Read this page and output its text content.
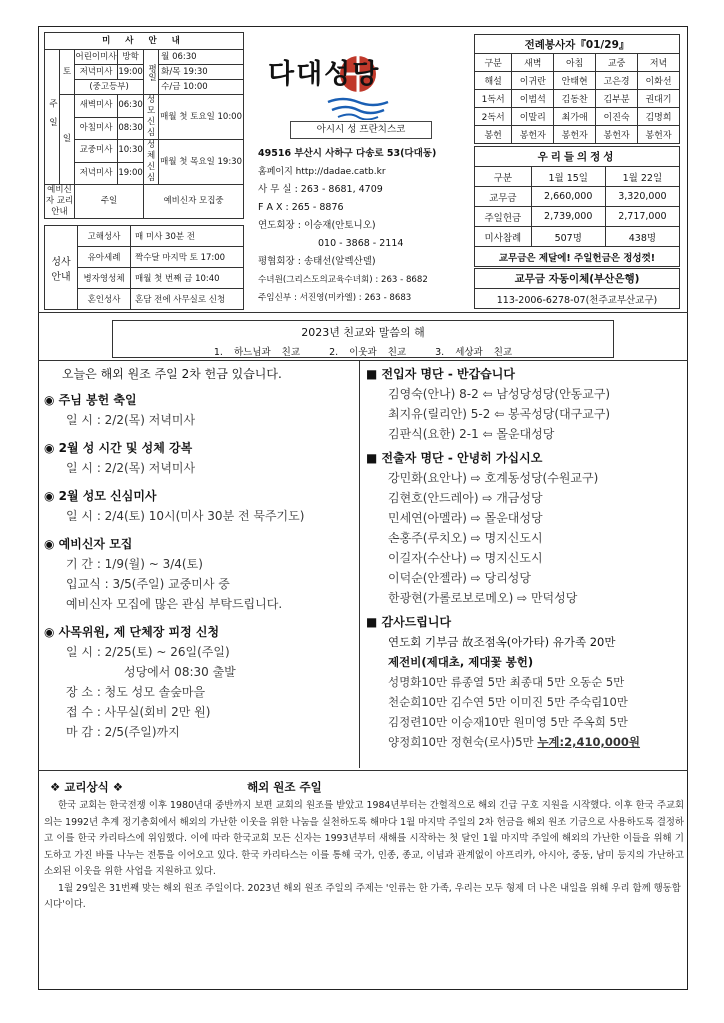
미 사 안 내					
주일	토	어린이미사	방학	평일	월 06:30
		저녁미사	19:00		화/목 19:30
		(중고등부)			수/금 10:00
	일	새벽미사	06:30	성모신심	매월 첫 토요일 10:00
		아침미사	08:30		
		교중미사	10:30	성체신심	매월 첫 목요일 19:30
		저녁미사	19:00		
예비신자 교리안내		주일		예비신자 모집중	
성사 안내	고해성사	매 미사 30분 전
	유아세례	짝수달 마지막 토 17:00
	병자영성체	매월 첫 번째 금 10:40
	혼인성사	혼담 전에 사무실로 신청
다대성당
아시시 성 프란치스코
49516 부산시 사하구 다송로 53(다대동)
홈페이지 http://dadae.catb.kr
사 무 실 : 263 - 8681, 4709
F A X : 265 - 8876
연도회장 : 이승재(안토니오)
010 - 3868 - 2114
평협회장 : 송태선(알렉산델)
수녀원(그리스도의교육수녀회) : 263 - 8682
주임신부 : 서진영(미카엘) : 263 - 8683
전례봉사자『01/29』				
구분	새벽	아침	교중	저녁
해설	이귀란	안태현	고은경	이화선
1독서	이범석	김동찬	김부분	권대기
2독서	이말리	최가애	이진숙	김명희
봉헌	봉헌자	봉헌자	봉헌자	봉헌자
우리들의정성		
구분	1월 15일	1월 22일
교무금	2,660,000	3,320,000
주일헌금	2,739,000	2,717,000
미사참례	507명	438명
교무금은 제달에! 주일헌금은 정성껏!		
교무금 자동이체(부산은행)
113-2006-6278-07(천주교부산교구)
2023년 친교와 말씀의 해
1. 하느님과 친교	2. 이웃과 친교	3. 세상과 친교
오늘은 해외 원조 주일 2차 헌금 있습니다.
◉ 주님 봉헌 축일
일 시 : 2/2(목) 저녁미사
◉ 2월 성 시간 및 성체 강복
일 시 : 2/2(목) 저녁미사
◉ 2월 성모 신심미사
일 시 : 2/4(토) 10시(미사 30분 전 묵주기도)
◉ 예비신자 모집
기 간 : 1/9(월) ~ 3/4(토)
입교식 : 3/5(주일) 교중미사 중
예비신자 모집에 많은 관심 부탁드립니다.
◉ 사목위원, 제 단체장 피정 신청
일 시 : 2/25(토) ~ 26일(주일)
성당에서 08:30 출발
장 소 : 청도 성모 솔숲마을
접 수 : 사무실(회비 2만 원)
마 감 : 2/5(주일)까지
■ 전입자 명단 - 반갑습니다
김영숙(안나) 8-2 ⇦ 남성당성당(안동교구)
최지유(릴리안) 5-2 ⇦ 봉곡성당(대구교구)
김판식(요한) 2-1 ⇦ 몰운대성당
■ 전출자 명단 - 안녕히 가십시오
강민화(요안나) ⇨ 호계동성당(수원교구)
김현호(안드레아) ⇨ 개금성당
민세연(아멜라) ⇨ 몰운대성당
손홍주(루치오) ⇨ 명지신도시
이길자(수산나) ⇨ 명지신도시
이덕순(안젤라) ⇨ 당리성당
한광현(가롤로보로메오) ⇨ 만덕성당
■ 감사드립니다
연도회 기부금 故조점옥(아가타) 유가족 20만
제전비(제대초, 제대꽃 봉헌)
성명화10만 류종열 5만 최종대 5만 오동순 5만
천순희10만 김수연 5만 이미진 5만 주숙림10만
김정련10만 이승재10만 원미영 5만 주옥희 5만
양정희10만 정현숙(로사)5만 누계:2,410,000원
❖ 교리상식 ❖	해외 원조 주일
한국 교회는 한국전쟁 이후 1980년대 중반까지 보편 교회의 원조를 받았고 1984년부터는 간헐적으로 해외 긴급 구호 지원을 시작했다. 이후 한국 주교회의는 1992년 추계 정기총회에서 해외의 가난한 이웃을 위한 나눔을 실천하도록 해마다 1월 마지막 주일의 2차 헌금을 해외 원조 기금으로 사용하도록 결정하고 이를 한국 카리타스에 위임했다. 이에 따라 한국교회 모든 신자는 1993년부터 새해를 시작하는 첫 달인 1월 마지막 주일에 해외의 가난한 이들을 위해 기도하고 가진 바를 나누는 전통을 이어오고 있다. 한국 카리타스는 이를 통해 국가, 인종, 종교, 이념과 관계없이 아프리카, 아시아, 중동, 남미 등지의 가난하고 소외된 이웃을 위한 사업을 지원하고 있다.
1월 29일은 31번째 맞는 해외 원조 주일이다. 2023년 해외 원조 주일의 주제는 '인류는 한 가족, 우리는 모두 형제 더 나은 내일을 위해 우리 함께 행동합시다'이다.
